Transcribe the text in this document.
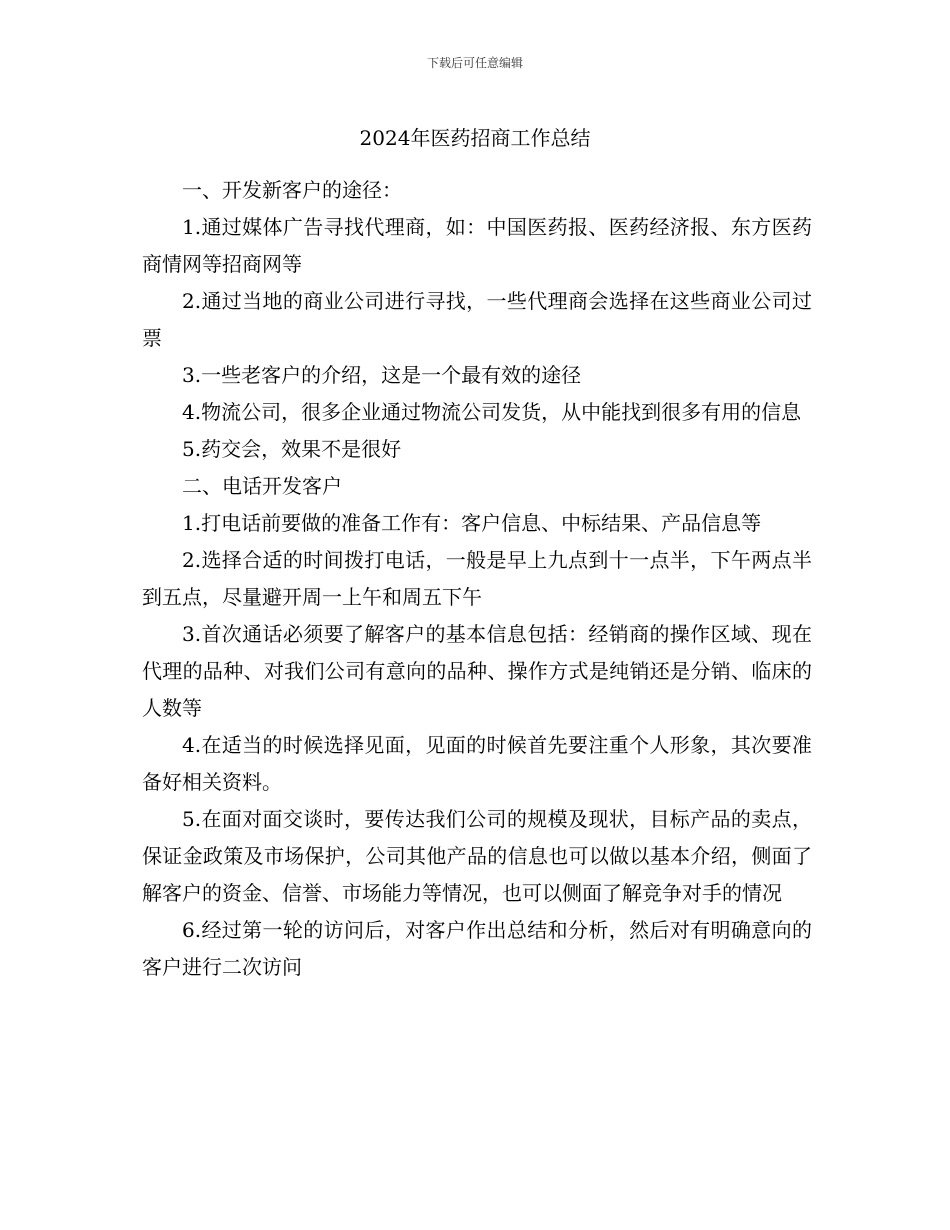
下载后可任意编辑
2024年医药招商工作总结

一、开发新客户的途径：

1.通过媒体广告寻找代理商，如：中国医药报、医药经济报、东方医药商情网等招商网等

2.通过当地的商业公司进行寻找，一些代理商会选择在这些商业公司过票

3.一些老客户的介绍，这是一个最有效的途径

4.物流公司，很多企业通过物流公司发货，从中能找到很多有用的信息

5.药交会，效果不是很好

二、电话开发客户

1.打电话前要做的准备工作有：客户信息、中标结果、产品信息等

2.选择合适的时间拨打电话，一般是早上九点到十一点半，下午两点半到五点，尽量避开周一上午和周五下午

3.首次通话必须要了解客户的基本信息包括：经销商的操作区域、现在代理的品种、对我们公司有意向的品种、操作方式是纯销还是分销、临床的人数等

4.在适当的时候选择见面，见面的时候首先要注重个人形象，其次要准备好相关资料。

5.在面对面交谈时，要传达我们公司的规模及现状，目标产品的卖点，保证金政策及市场保护，公司其他产品的信息也可以做以基本介绍，侧面了解客户的资金、信誉、市场能力等情况，也可以侧面了解竞争对手的情况

6.经过第一轮的访问后，对客户作出总结和分析，然后对有明确意向的客户进行二次访问
